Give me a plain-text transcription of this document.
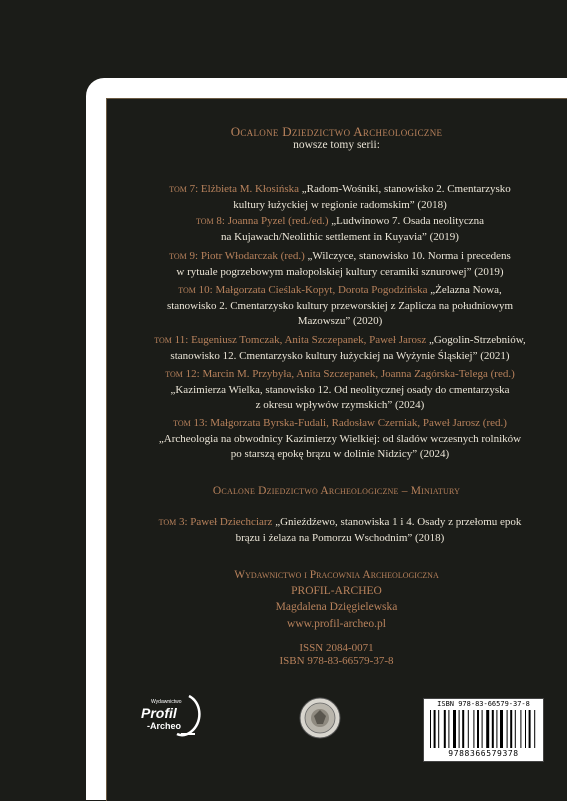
Ocalone Dziedzictwo Archeologiczne
nowsze tomy serii:
tom 7: Elżbieta M. Kłosińska „Radom-Wośniki, stanowisko 2. Cmentarzysko
kultury łużyckiej w regionie radomskim” (2018)
tom 8: Joanna Pyzel (red./ed.) „Ludwinowo 7. Osada neolityczna
na Kujawach/Neolithic settlement in Kuyavia” (2019)
tom 9: Piotr Włodarczak (red.) „Wilczyce, stanowisko 10. Norma i precedens
w rytuale pogrzebowym małopolskiej kultury ceramiki sznurowej” (2019)
tom 10: Małgorzata Cieślak-Kopyt, Dorota Pogodzińska „Żelazna Nowa,
stanowisko 2. Cmentarzysko kultury przeworskiej z Zaplicza na południowym
Mazowszu” (2020)
tom 11: Eugeniusz Tomczak, Anita Szczepanek, Paweł Jarosz „Gogolin-Strzebniów,
stanowisko 12. Cmentarzysko kultury łużyckiej na Wyżynie Śląskiej” (2021)
tom 12: Marcin M. Przybyła, Anita Szczepanek, Joanna Zagórska-Telega (red.)
„Kazimierza Wielka, stanowisko 12. Od neolitycznej osady do cmentarzyska
z okresu wpływów rzymskich” (2024)
tom 13: Małgorzata Byrska-Fudali, Radosław Czerniak, Paweł Jarosz (red.)
„Archeologia na obwodnicy Kazimierzy Wielkiej: od śladów wczesnych rolników
po starszą epokę brązu w dolinie Nidzicy” (2024)
Ocalone Dziedzictwo Archeologiczne – Miniatury
tom 3: Paweł Dziechciarz „Gnieźdźewo, stanowiska 1 i 4. Osady z przełomu epok
brązu i żelaza na Pomorzu Wschodnim” (2018)
Wydawnictwo i Pracownia Archeologiczna
PROFIL-ARCHEO
Magdalena Dzięgielewska
www.profil-archeo.pl
ISSN 2084-0071
ISBN 978-83-66579-37-8
Wydawnictwo
Profil
-Archeo
ISBN 978-83-66579-37-8
9788366579378
